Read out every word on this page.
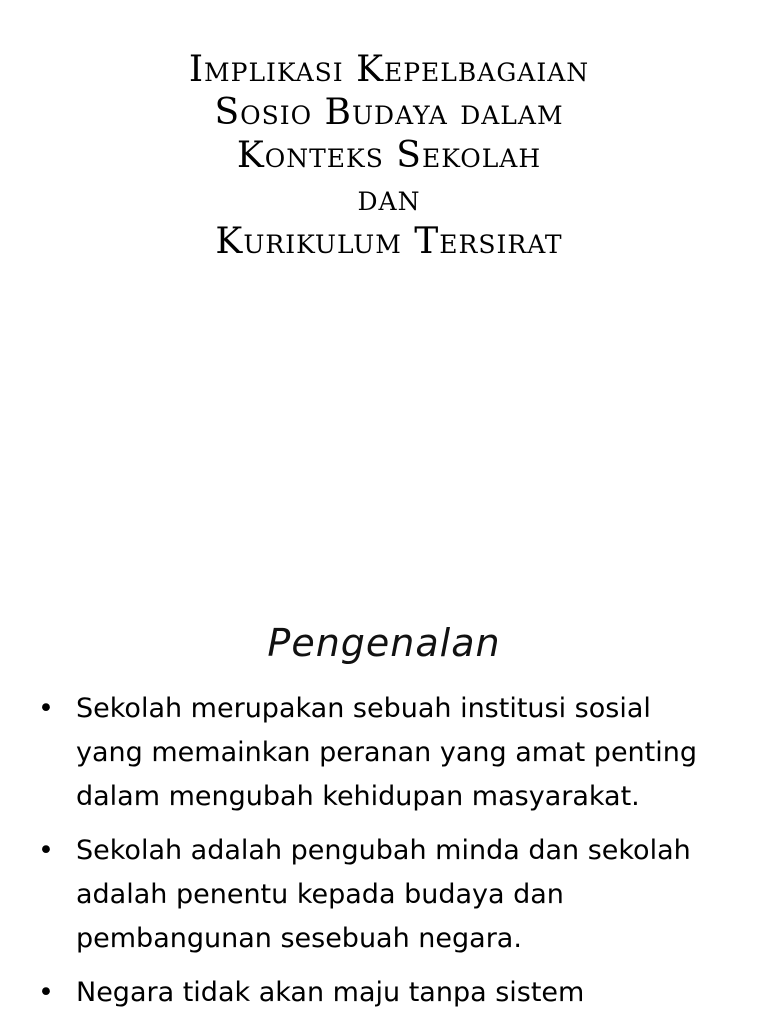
Implikasi Kepelbagaian
Sosio Budaya dalam
Konteks Sekolah
dan
Kurikulum Tersirat
Pengenalan
• Sekolah merupakan sebuah institusi sosial
yang memainkan peranan yang amat penting
dalam mengubah kehidupan masyarakat.
• Sekolah adalah pengubah minda dan sekolah
adalah penentu kepada budaya dan
pembangunan sesebuah negara.
• Negara tidak akan maju tanpa sistem
